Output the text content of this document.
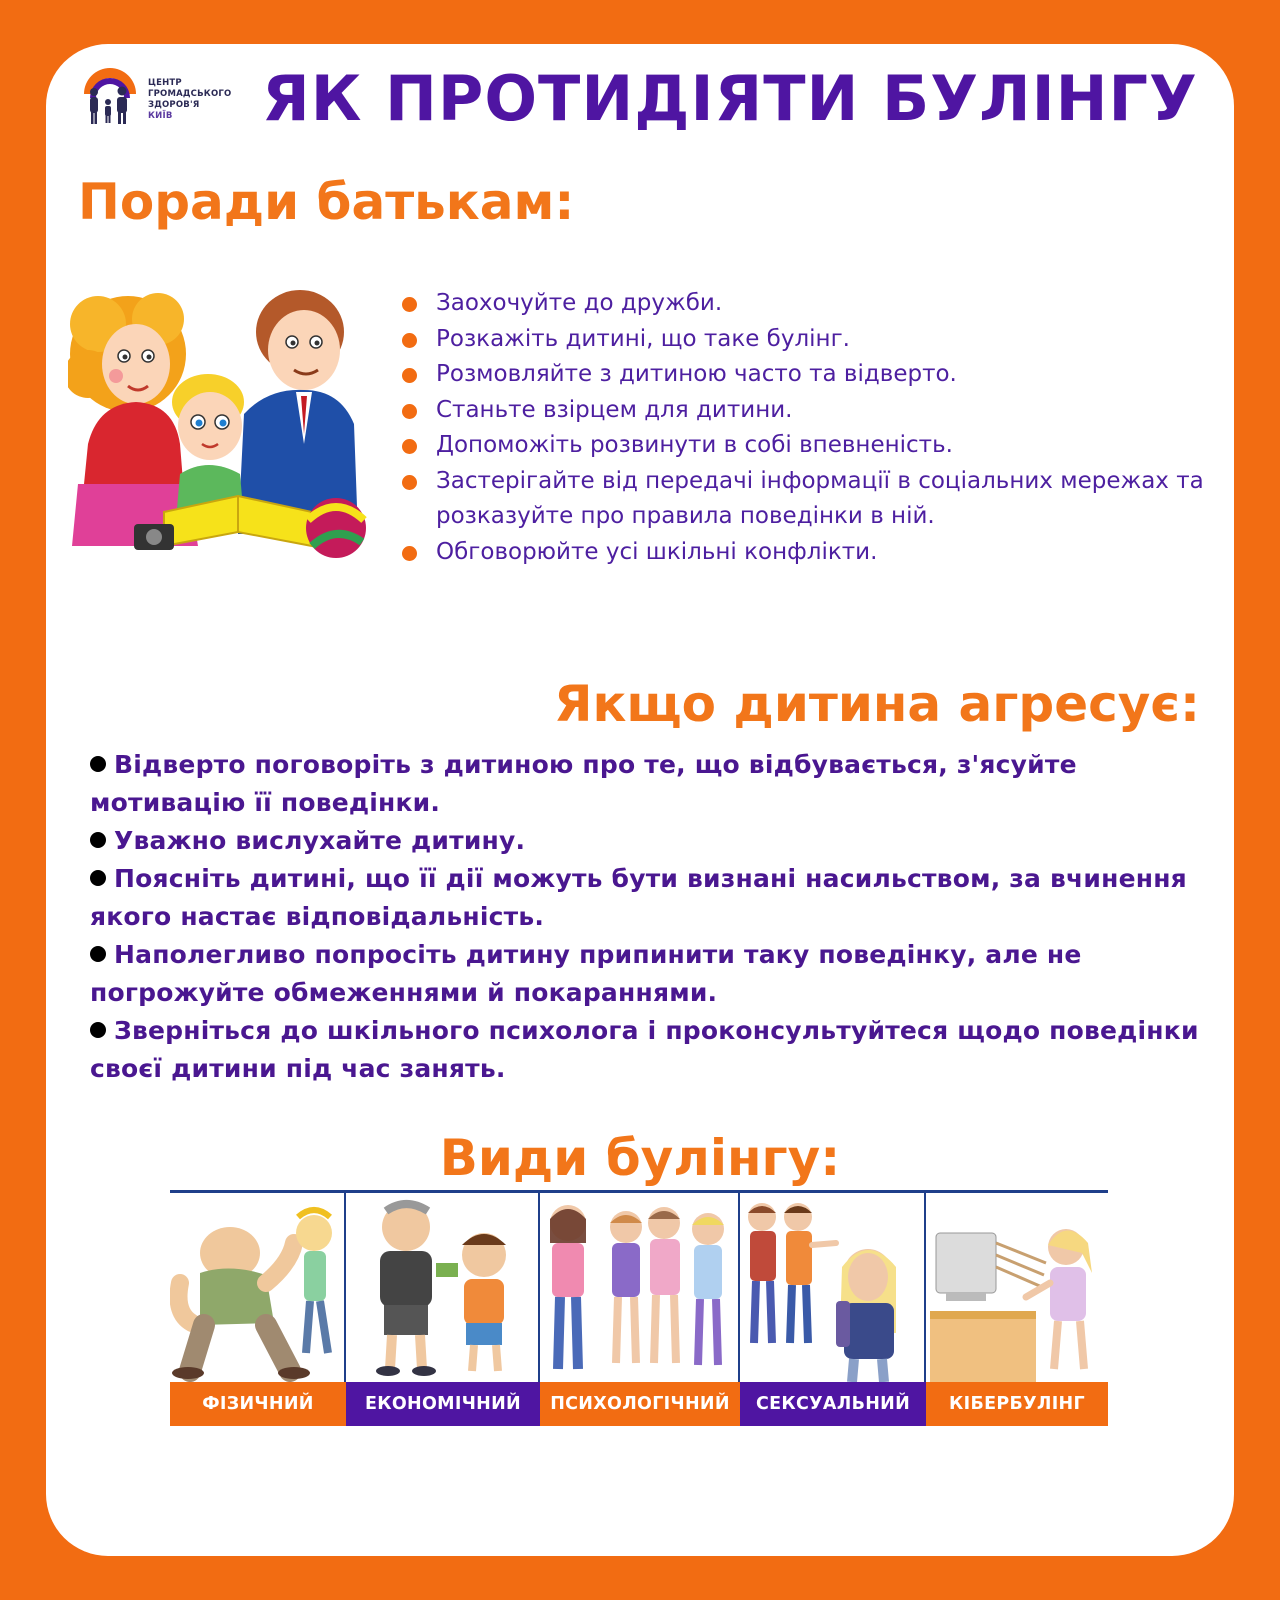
ЦЕНТР
ГРОМАДСЬКОГО
ЗДОРОВ'Я
КИЇВ	ЯК ПРОТИДІЯТИ БУЛІНГУ
Поради батькам:
Заохочуйте до дружби.
Розкажіть дитині, що таке булінг.
Розмовляйте з дитиною часто та відверто.
Станьте взірцем для дитини.
Допоможіть розвинути в собі впевненість.
Застерігайте від передачі інформації в соціальних мережах та розказуйте про правила поведінки в ній.
Обговорюйте усі шкільні конфлікти.
Якщо дитина агресує:
Відверто поговоріть з дитиною про те, що відбувається, з'ясуйте мотивацію її поведінки.
Уважно вислухайте дитину.
Поясніть дитині, що її дії можуть бути визнані насильством, за вчинення якого настає відповідальність.
Наполегливо попросіть дитину припинити таку поведінку, але не погрожуйте обмеженнями й покараннями.
Зверніться до шкільного психолога і проконсультуйтеся щодо поведінки своєї дитини під час занять.
Види булінгу:
ФІЗИЧНИЙ	ЕКОНОМІЧНИЙ	ПСИХОЛОГІЧНИЙ	СЕКСУАЛЬНИЙ	КІБЕРБУЛІНГ
